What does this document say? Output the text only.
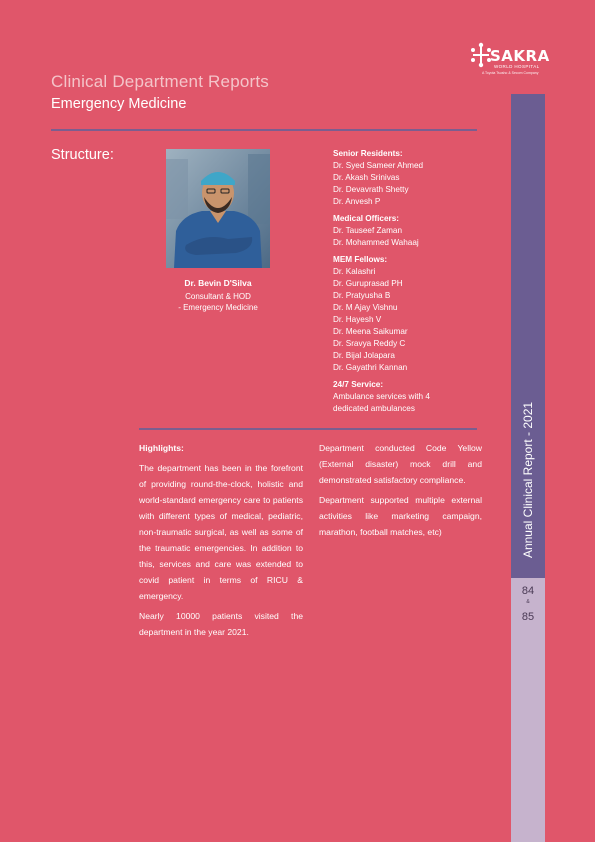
SAKRA
WORLD HOSPITAL
A Toyota Tsusho & Secom Company
Clinical Department Reports
Emergency Medicine
Annual Clinical Report - 2021
84
&
85
Structure:
Dr. Bevin D'Silva
Consultant & HOD
- Emergency Medicine
Senior Residents:
Dr. Syed Sameer Ahmed
Dr. Akash Srinivas
Dr. Devavrath Shetty
Dr. Anvesh P
Medical Officers:
Dr. Tauseef Zaman
Dr. Mohammed Wahaaj
MEM Fellows:
Dr. Kalashri
Dr. Guruprasad PH
Dr. Pratyusha B
Dr. M Ajay Vishnu
Dr. Hayesh V
Dr. Meena Saikumar
Dr. Sravya Reddy C
Dr. Bijal Jolapara
Dr. Gayathri Kannan
24/7 Service:
Ambulance services with 4
dedicated ambulances
Highlights:

The department has been in the forefront of providing round-the-clock, holistic and world-standard emergency care to patients with different types of medical, pediatric, non-traumatic surgical, as well as some of the traumatic emergencies. In addition to this, services and care was extended to covid patient in terms of RICU & emergency.

Nearly 10000 patients visited the department in the year 2021.

Department conducted Code Yellow (External disaster) mock drill and demonstrated satisfactory compliance.

Department supported multiple external activities like marketing campaign, marathon, football matches, etc)
